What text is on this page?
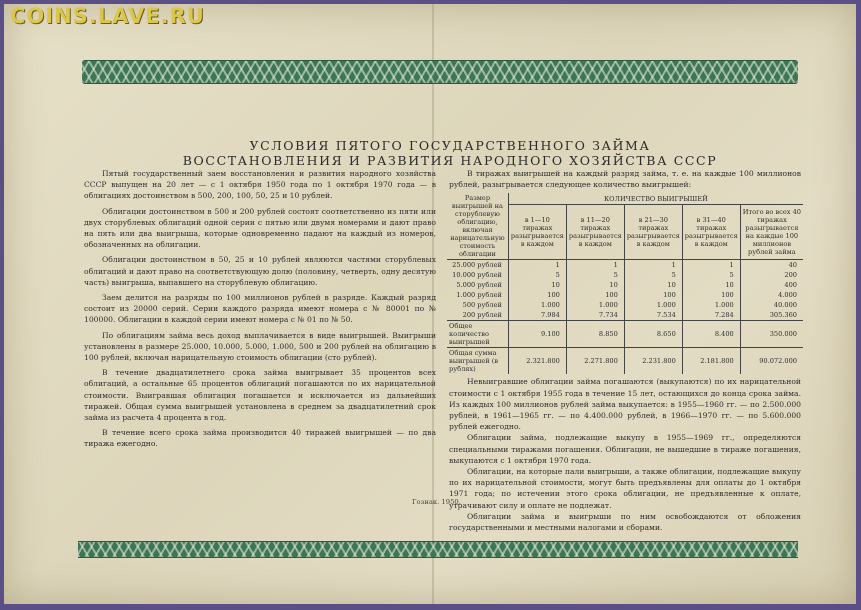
COINS.LAVE.RU
УСЛОВИЯ ПЯТОГО ГОСУДАРСТВЕННОГО ЗАЙМА
ВОССТАНОВЛЕНИЯ И РАЗВИТИЯ НАРОДНОГО ХОЗЯЙСТВА СССР

Пятый государственный заем восстановления и развития народного хозяйства СССР выпущен на 20 лет — с 1 октября 1950 года по 1 октября 1970 года — в облигациях достоинством в 500, 200, 100, 50, 25 и 10 рублей.

Облигации достоинством в 500 и 200 рублей состоят соответственно из пяти или двух сторублевых облигаций одной серии с пятью или двумя номерами и дают право на пять или два выигрыша, которые одновременно падают на каждый из номеров, обозначенных на облигации.

Облигации достоинством в 50, 25 и 10 рублей являются частями сторублевых облигаций и дают право на соответствующую долю (половину, четверть, одну десятую часть) выигрыша, выпавшего на сторублевую облигацию.

Заем делится на разряды по 100 миллионов рублей в разряде. Каждый разряд состоит из 20000 серий. Серии каждого разряда имеют номера с № 80001 по № 100000. Облигации в каждой серии имеют номера с № 01 по № 50.

По облигациям займа весь доход выплачивается в виде выигрышей. Выигрыши установлены в размере 25.000, 10.000, 5.000, 1.000, 500 и 200 рублей на облигацию в 100 рублей, включая нарицательную стоимость облигации (сто рублей).

В течение двадцатилетнего срока займа выигрывает 35 процентов всех облигаций, а остальные 65 процентов облигаций погашаются по их нарицательной стоимости. Выигравшая облигация погашается и исключается из дальнейших тиражей. Общая сумма выигрышей установлена в среднем за двадцатилетний срок займа из расчета 4 процента в год.

В течение всего срока займа производится 40 тиражей выигрышей — по два тиража ежегодно.

В тиражах выигрышей на каждый разряд займа, т. е. на каждые 100 миллионов рублей, разыгрывается следующее количество выигрышей:

Размер выигрышей на сторублевую облигацию, включая нарицательную стоимость облигации	КОЛИЧЕСТВО ВЫИГРЫШЕЙ				
	в 1—10 тиражах разыгрывается в каждом	в 11—20 тиражах разыгрывается в каждом	в 21—30 тиражах разыгрывается в каждом	в 31—40 тиражах разыгрывается в каждом	Итого во всех 40 тиражах разыгрывается на каждые 100 миллионов рублей займа
25.000 рублей	1	1	1	1	40
10.000 рублей	5	5	5	5	200
5.000 рублей	10	10	10	10	400
1.000 рублей	100	100	100	100	4.000
500 рублей	1.000	1.000	1.000	1.000	40.000
200 рублей	7.984	7.734	7.534	7.284	305.360
Общее количество выигрышей	9.100	8.850	8.650	8.400	350.000
Общая сумма выигрышей (в рублях)	2.321.800	2.271.800	2.231.800	2.181.800	90.072.000

Невыигравшие облигации займа погашаются (выкупаются) по их нарицательной стоимости с 1 октября 1955 года в течение 15 лет, остающихся до конца срока займа. Из каждых 100 миллионов рублей займа выкупается: в 1955—1960 гг. — по 2.500.000 рублей, в 1961—1965 гг. — по 4.400.000 рублей, в 1966—1970 гг. — по 5.600.000 рублей ежегодно.

Облигации займа, подлежащие выкупу в 1955—1969 гг., определяются специальными тиражами погашения. Облигации, не вышедшие в тираже погашения, выкупаются с 1 октября 1970 года.

Облигации, на которые пали выигрыши, а также облигации, подлежащие выкупу по их нарицательной стоимости, могут быть предъявлены для оплаты до 1 октября 1971 года; по истечении этого срока облигации, не предъявленные к оплате, утрачивают силу и оплате не подлежат.

Облигации займа и выигрыши по ним освобождаются от обложения государственными и местными налогами и сборами.

Гознак. 1950.
